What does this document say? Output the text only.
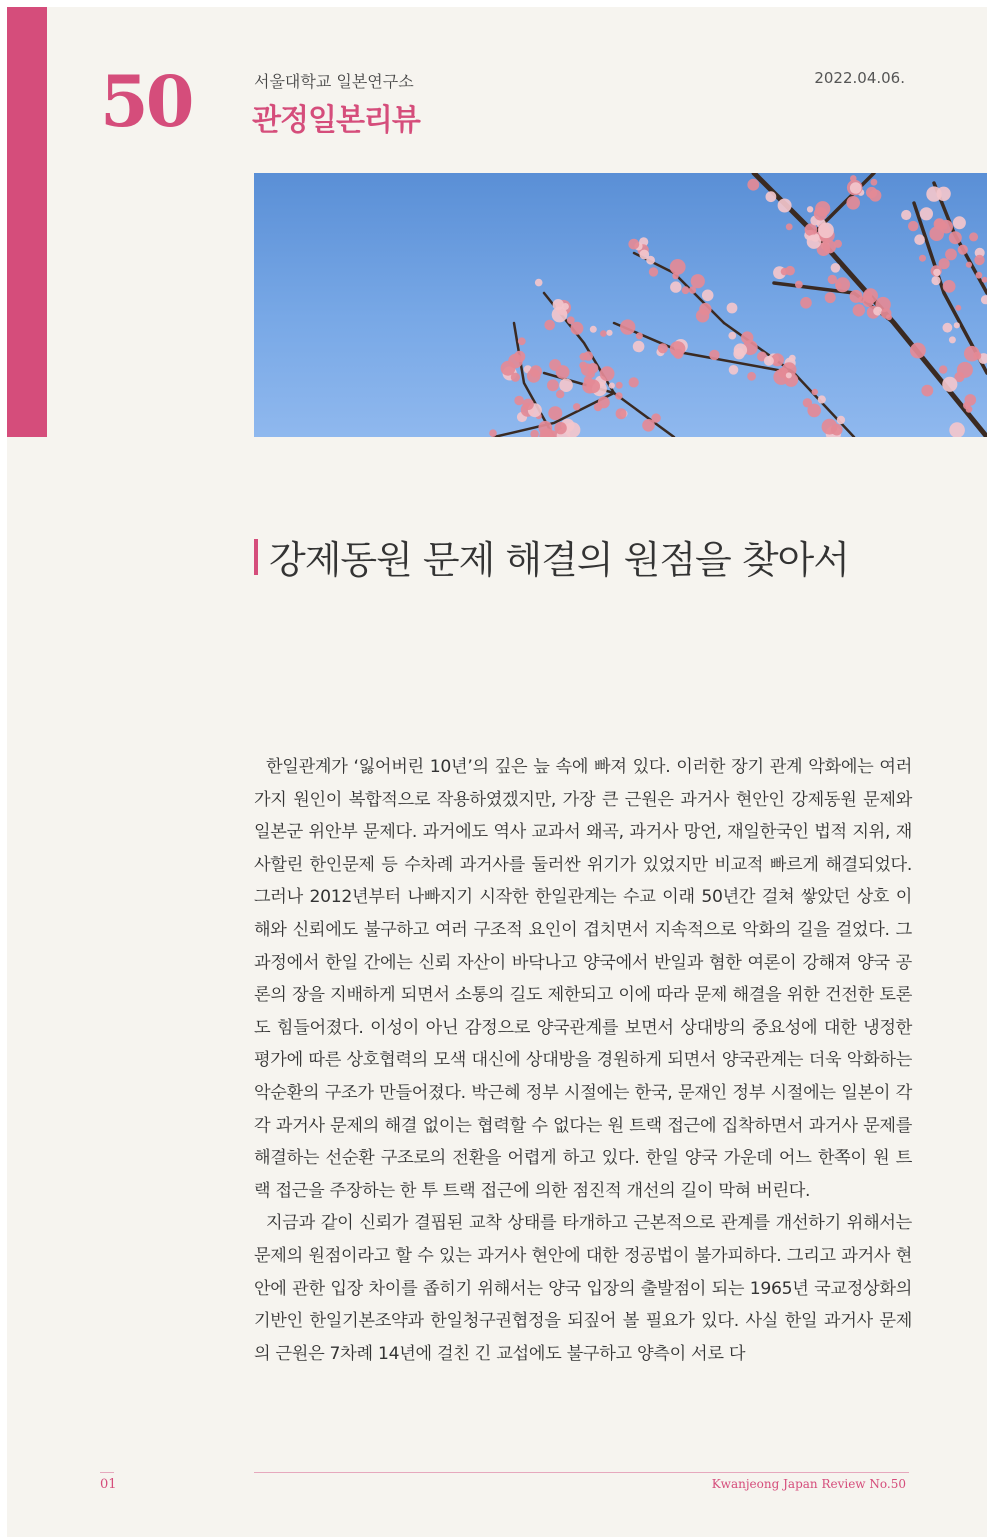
50	서울대학교 일본연구소
관정일본리뷰
2022.04.06.
강제동원 문제 해결의 원점을 찾아서

한일관계가 ‘잃어버린 10년’의 깊은 늪 속에 빠져 있다. 이러한 장기 관계 악화에는 여러 가지 원인이 복합적으로 작용하였겠지만, 가장 큰 근원은 과거사 현안인 강제동원 문제와 일본군 위안부 문제다. 과거에도 역사 교과서 왜곡, 과거사 망언, 재일한국인 법적 지위, 재사할린 한인문제 등 수차례 과거사를 둘러싼 위기가 있었지만 비교적 빠르게 해결되었다. 그러나 2012년부터 나빠지기 시작한 한일관계는 수교 이래 50년간 걸쳐 쌓았던 상호 이해와 신뢰에도 불구하고 여러 구조적 요인이 겹치면서 지속적으로 악화의 길을 걸었다. 그 과정에서 한일 간에는 신뢰 자산이 바닥나고 양국에서 반일과 혐한 여론이 강해져 양국 공론의 장을 지배하게 되면서 소통의 길도 제한되고 이에 따라 문제 해결을 위한 건전한 토론도 힘들어졌다. 이성이 아닌 감정으로 양국관계를 보면서 상대방의 중요성에 대한 냉정한 평가에 따른 상호협력의 모색 대신에 상대방을 경원하게 되면서 양국관계는 더욱 악화하는 악순환의 구조가 만들어졌다. 박근혜 정부 시절에는 한국, 문재인 정부 시절에는 일본이 각각 과거사 문제의 해결 없이는 협력할 수 없다는 원 트랙 접근에 집착하면서 과거사 문제를 해결하는 선순환 구조로의 전환을 어렵게 하고 있다. 한일 양국 가운데 어느 한쪽이 원 트랙 접근을 주장하는 한 투 트랙 접근에 의한 점진적 개선의 길이 막혀 버린다.

지금과 같이 신뢰가 결핍된 교착 상태를 타개하고 근본적으로 관계를 개선하기 위해서는 문제의 원점이라고 할 수 있는 과거사 현안에 대한 정공법이 불가피하다. 그리고 과거사 현안에 관한 입장 차이를 좁히기 위해서는 양국 입장의 출발점이 되는 1965년 국교정상화의 기반인 한일기본조약과 한일청구권협정을 되짚어 볼 필요가 있다. 사실 한일 과거사 문제의 근원은 7차례 14년에 걸친 긴 교섭에도 불구하고 양측이 서로 다

01	Kwanjeong Japan Review No.50
